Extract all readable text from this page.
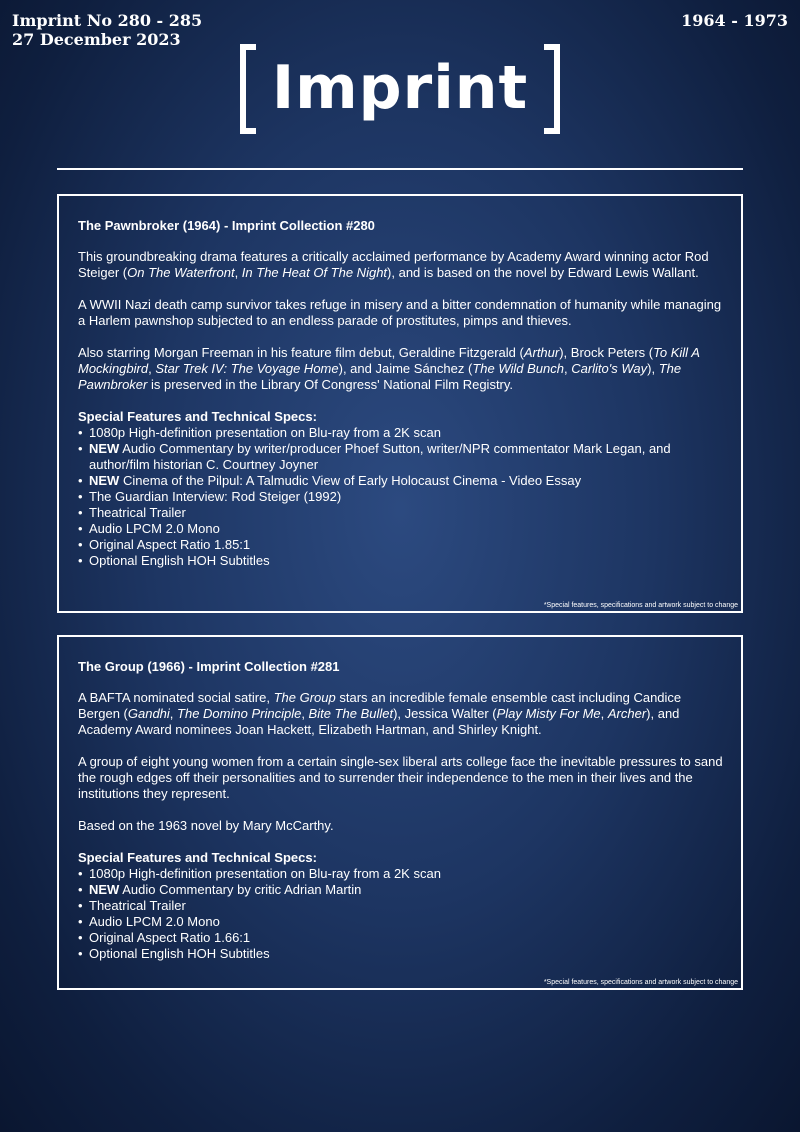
Imprint No 280 - 285
27 December 2023
1964 - 1973
Imprint
The Pawnbroker (1964) - Imprint Collection #280
This groundbreaking drama features a critically acclaimed performance by Academy Award winning actor Rod Steiger (On The Waterfront, In The Heat Of The Night), and is based on the novel by Edward Lewis Wallant.
A WWII Nazi death camp survivor takes refuge in misery and a bitter condemnation of humanity while managing a Harlem pawnshop subjected to an endless parade of prostitutes, pimps and thieves.
Also starring Morgan Freeman in his feature film debut, Geraldine Fitzgerald (Arthur), Brock Peters (To Kill A Mockingbird, Star Trek IV: The Voyage Home), and Jaime Sánchez (The Wild Bunch, Carlito's Way), The Pawnbroker is preserved in the Library Of Congress' National Film Registry.
Special Features and Technical Specs:
• 1080p High-definition presentation on Blu-ray from a 2K scan
• NEW Audio Commentary by writer/producer Phoef Sutton, writer/NPR commentator Mark Legan, and author/film historian C. Courtney Joyner
• NEW Cinema of the Pilpul: A Talmudic View of Early Holocaust Cinema - Video Essay
• The Guardian Interview: Rod Steiger (1992)
• Theatrical Trailer
• Audio LPCM 2.0 Mono
• Original Aspect Ratio 1.85:1
• Optional English HOH Subtitles
*Special features, specifications and artwork subject to change
The Group (1966) - Imprint Collection #281
A BAFTA nominated social satire, The Group stars an incredible female ensemble cast including Candice Bergen (Gandhi, The Domino Principle, Bite The Bullet), Jessica Walter (Play Misty For Me, Archer), and Academy Award nominees Joan Hackett, Elizabeth Hartman, and Shirley Knight.
A group of eight young women from a certain single-sex liberal arts college face the inevitable pressures to sand the rough edges off their personalities and to surrender their independence to the men in their lives and the institutions they represent.
Based on the 1963 novel by Mary McCarthy.
Special Features and Technical Specs:
• 1080p High-definition presentation on Blu-ray from a 2K scan
• NEW Audio Commentary by critic Adrian Martin
• Theatrical Trailer
• Audio LPCM 2.0 Mono
• Original Aspect Ratio 1.66:1
• Optional English HOH Subtitles
*Special features, specifications and artwork subject to change
